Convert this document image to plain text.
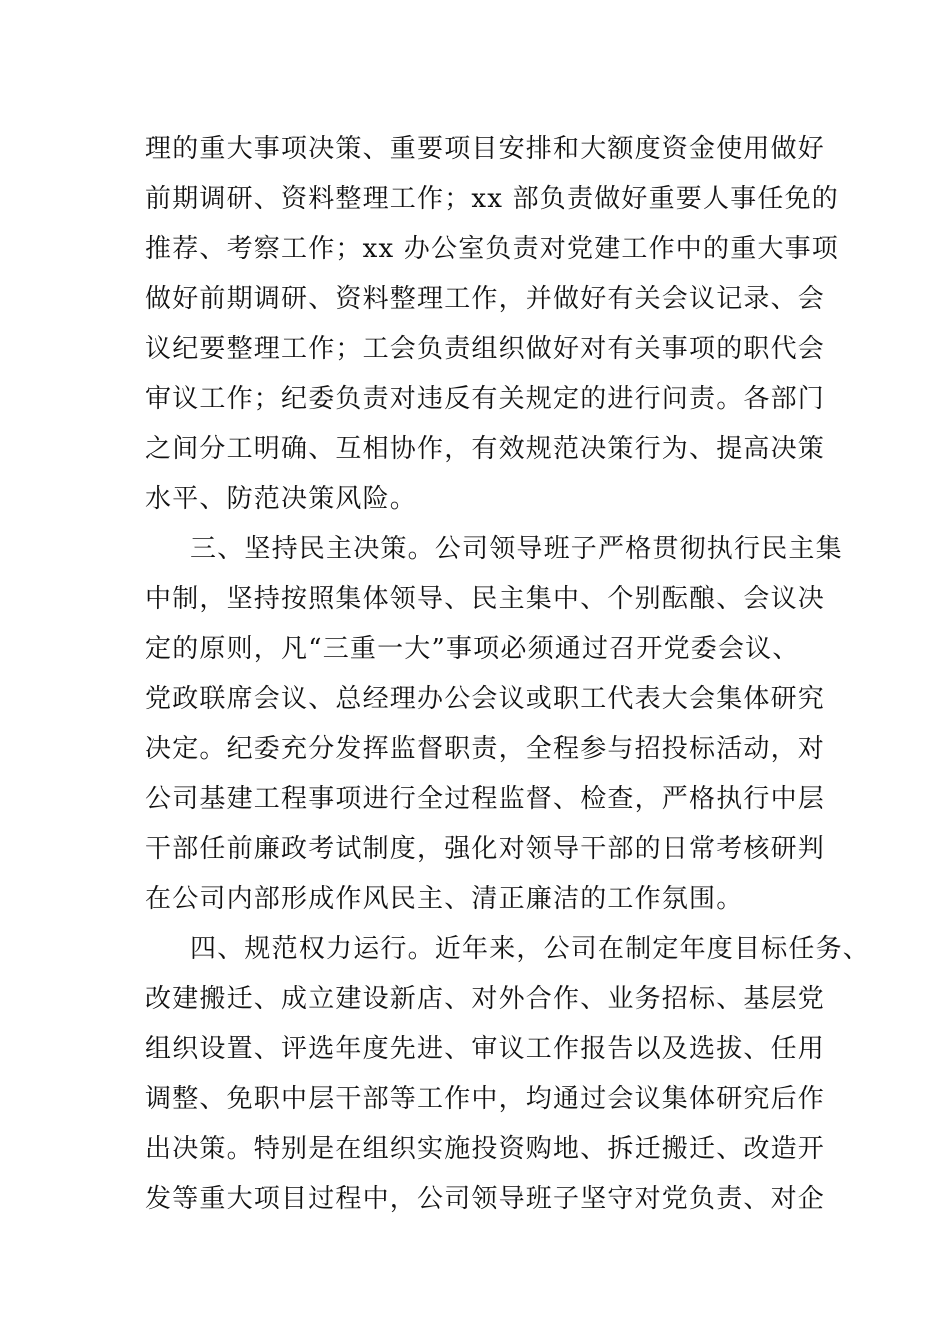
理的重大事项决策、重要项目安排和大额度资金使用做好
前期调研、资料整理工作；xx 部负责做好重要人事任免的
推荐、考察工作；xx 办公室负责对党建工作中的重大事项
做好前期调研、资料整理工作，并做好有关会议记录、会
议纪要整理工作；工会负责组织做好对有关事项的职代会
审议工作；纪委负责对违反有关规定的进行问责。各部门
之间分工明确、互相协作，有效规范决策行为、提高决策
水平、防范决策风险。
三、坚持民主决策。公司领导班子严格贯彻执行民主集
中制，坚持按照集体领导、民主集中、个别酝酿、会议决
定的原则，凡“三重一大”事项必须通过召开党委会议、
党政联席会议、总经理办公会议或职工代表大会集体研究
决定。纪委充分发挥监督职责，全程参与招投标活动，对
公司基建工程事项进行全过程监督、检查，严格执行中层
干部任前廉政考试制度，强化对领导干部的日常考核研判
在公司内部形成作风民主、清正廉洁的工作氛围。
四、规范权力运行。近年来，公司在制定年度目标任务、
改建搬迁、成立建设新店、对外合作、业务招标、基层党
组织设置、评选年度先进、审议工作报告以及选拔、任用
调整、免职中层干部等工作中，均通过会议集体研究后作
出决策。特别是在组织实施投资购地、拆迁搬迁、改造开
发等重大项目过程中，公司领导班子坚守对党负责、对企
